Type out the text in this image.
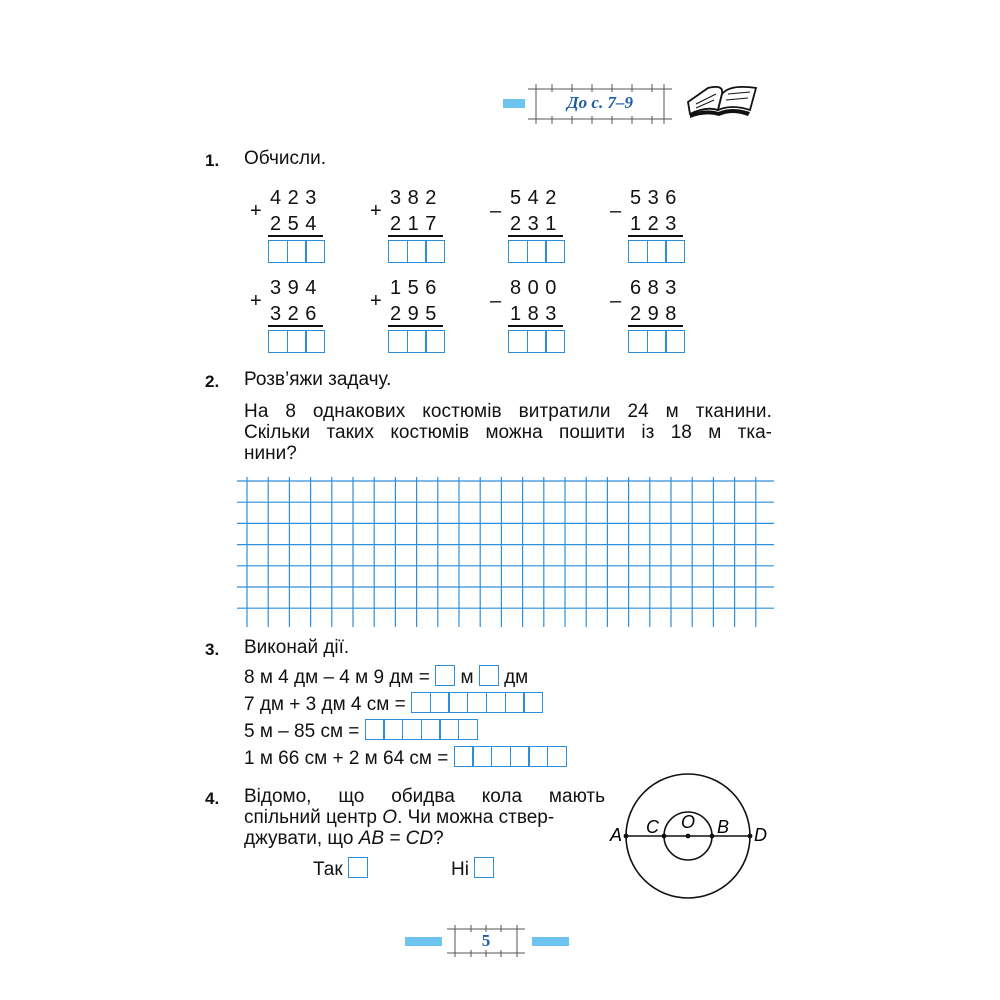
До с. 7–9
1. Обчисли.
+
423
254
+
382
217
–
542
231
–
536
123
+
394
326
+
156
295
–
800
183
–
683
298
2. Розв’яжи задачу.
На 8 однакових костюмів витратили 24 м тканини.
Скільки таких костюмів можна пошити із 18 м тка-
нини?
3. Виконай дії.
8 м 4 дм – 4 м 9 дм = м дм
7 дм + 3 дм 4 см =
5 м – 85 см =
1 м 66 см + 2 м 64 см =
4. Відомо, що обидва кола мають
спільний центр O. Чи можна ствер-
джувати, що AB = CD?
Так	Ні
A C O B D
5
